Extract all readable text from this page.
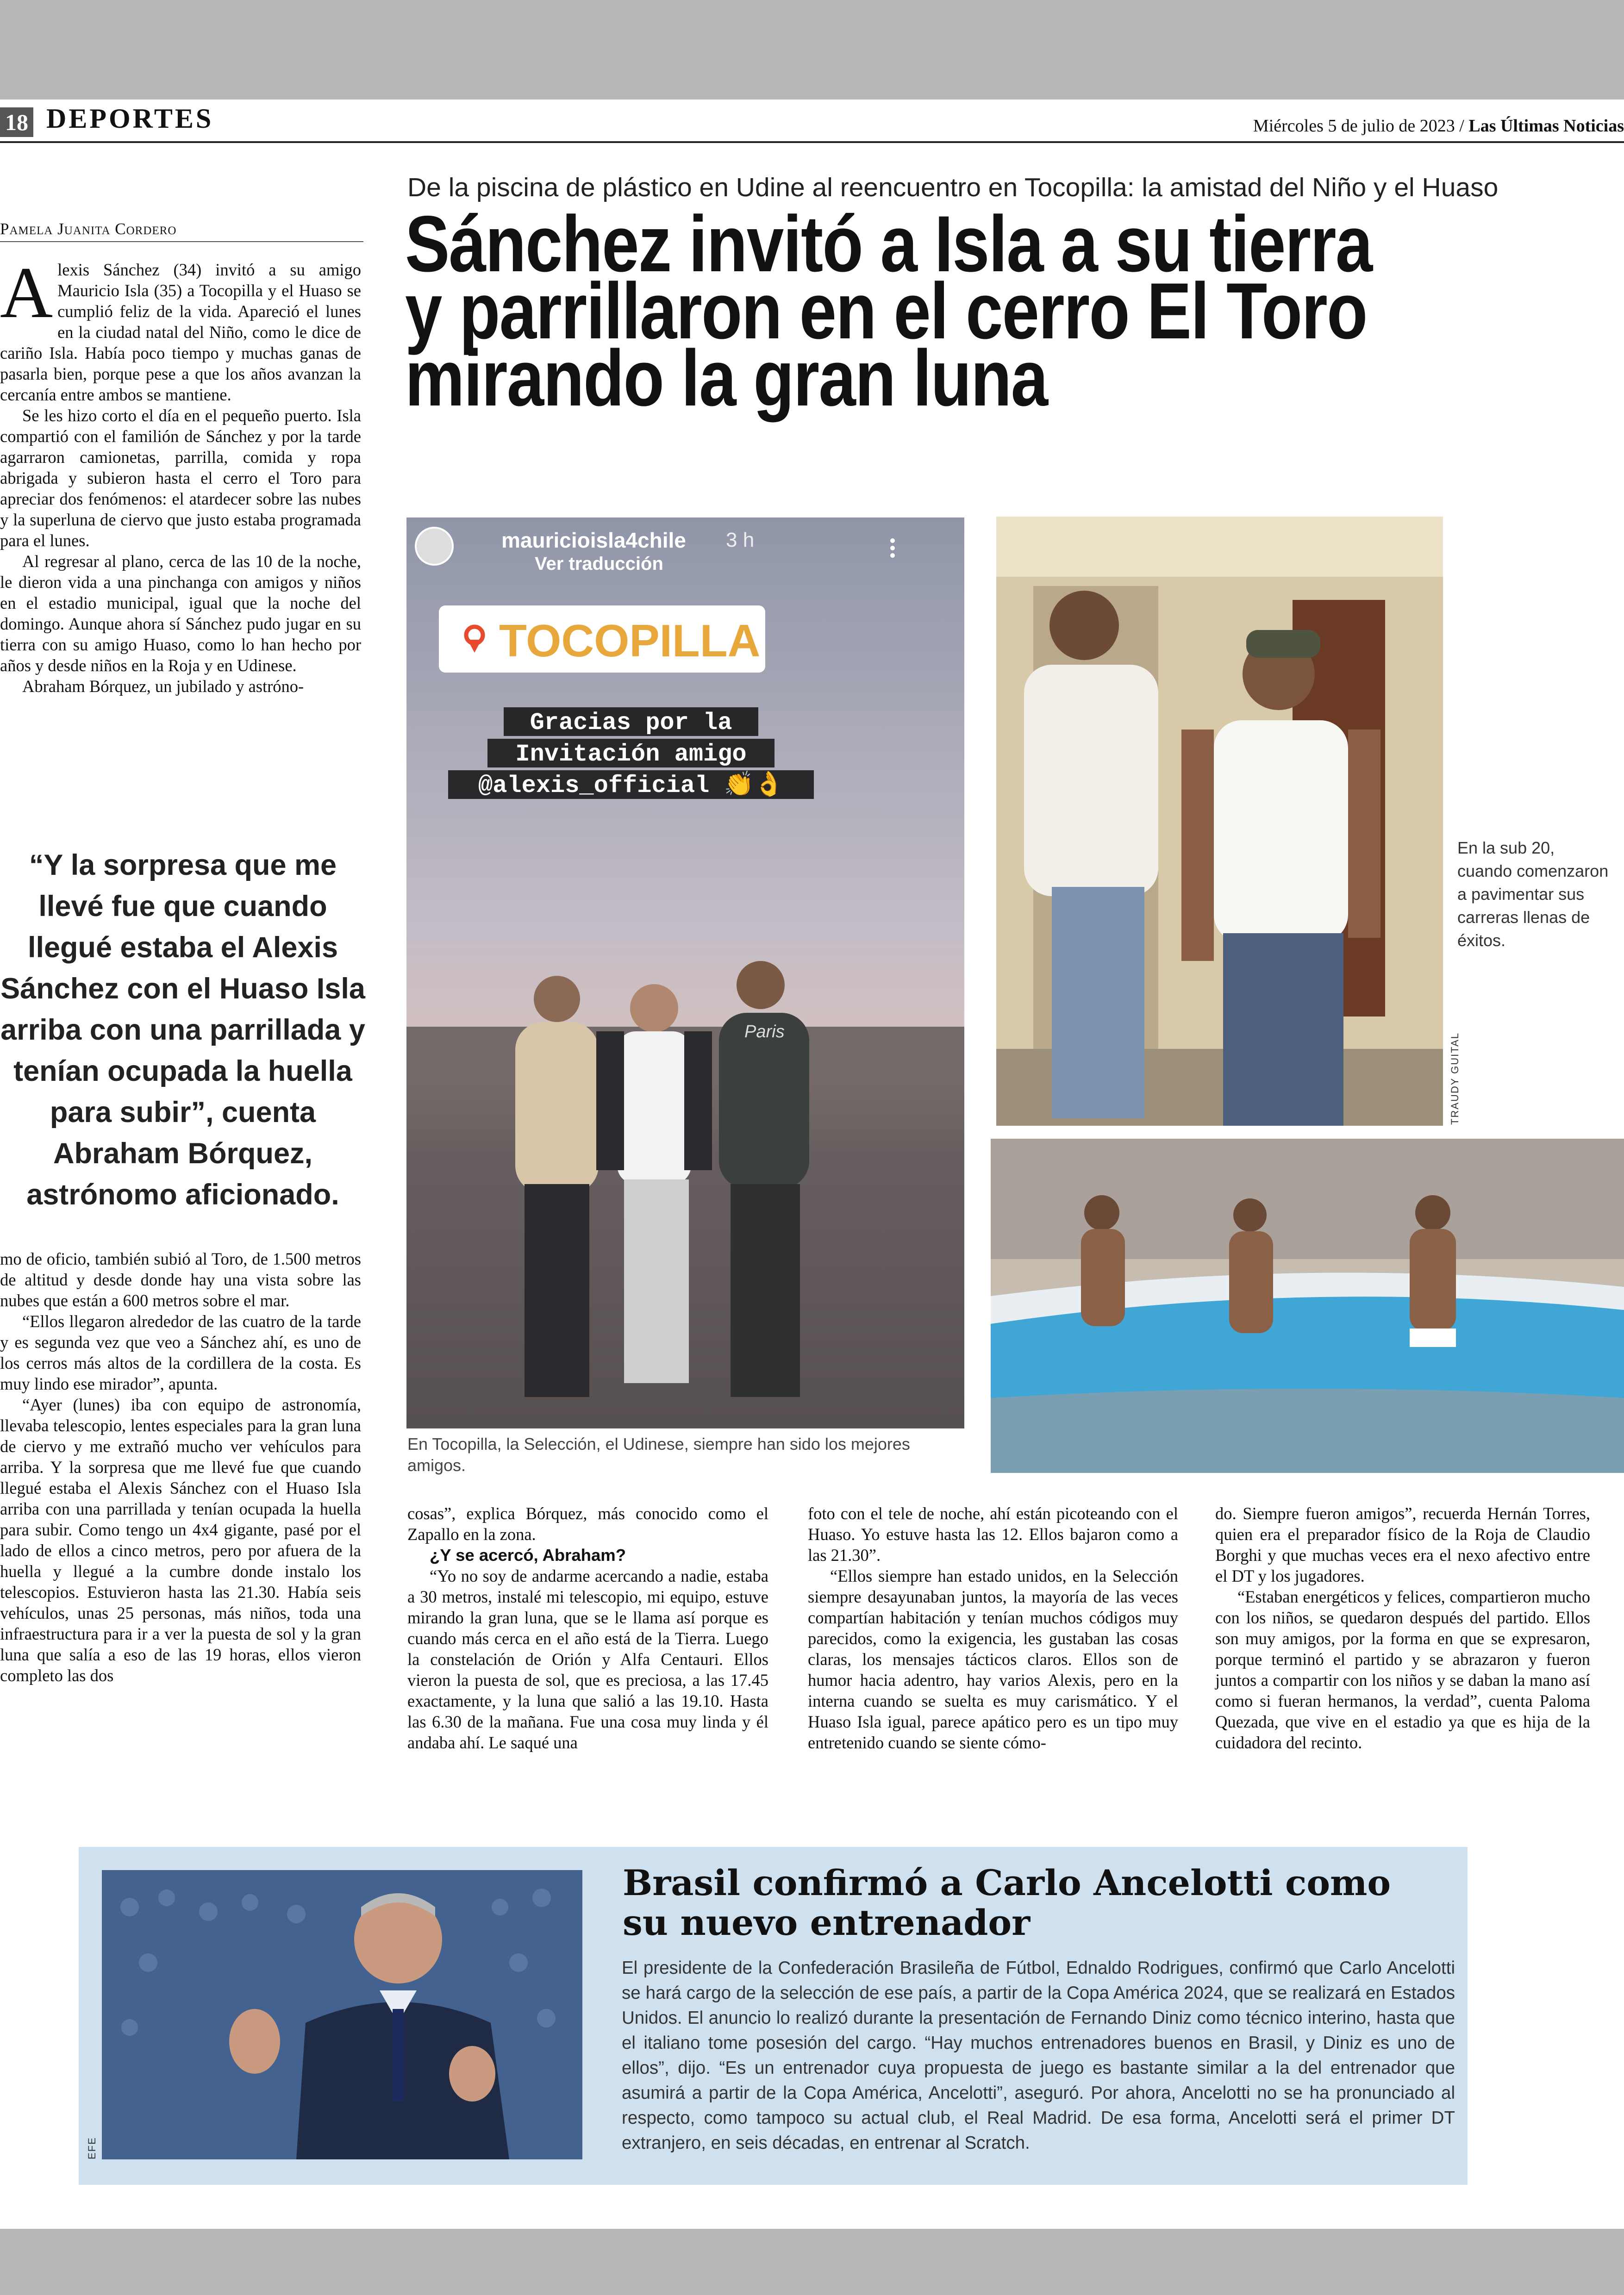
18 DEPORTES	Miércoles 5 de julio de 2023 / Las Últimas Noticias
Pamela Juanita Cordero
De la piscina de plástico en Udine al reencuentro en Tocopilla: la amistad del Niño y el Huaso
Sánchez invitó a Isla a su tierra y parrillaron en el cerro El Toro mirando la gran luna

Alexis Sánchez (34) invitó a su amigo Mauricio Isla (35) a Tocopilla y el Huaso se cumplió feliz de la vida. Apareció el lunes en la ciudad natal del Niño, como le dice de cariño Isla. Había poco tiempo y muchas ganas de pasarla bien, porque pese a que los años avanzan la cercanía entre ambos se mantiene.

Se les hizo corto el día en el pequeño puerto. Isla compartió con el familión de Sánchez y por la tarde agarraron camionetas, parrilla, comida y ropa abrigada y subieron hasta el cerro el Toro para apreciar dos fenómenos: el atardecer sobre las nubes y la superluna de ciervo que justo estaba programada para el lunes.

Al regresar al plano, cerca de las 10 de la noche, le dieron vida a una pinchanga con amigos y niños en el estadio municipal, igual que la noche del domingo. Aunque ahora sí Sánchez pudo jugar en su tierra con su amigo Huaso, como lo han hecho por años y desde niños en la Roja y en Udinese.

Abraham Bórquez, un jubilado y astróno-

“Y la sorpresa que me llevé fue que cuando llegué estaba el Alexis Sánchez con el Huaso Isla arriba con una parrillada y tenían ocupada la huella para subir”, cuenta Abraham Bórquez, astrónomo aficionado.

mo de oficio, también subió al Toro, de 1.500 metros de altitud y desde donde hay una vista sobre las nubes que están a 600 metros sobre el mar.

“Ellos llegaron alrededor de las cuatro de la tarde y es segunda vez que veo a Sánchez ahí, es uno de los cerros más altos de la cordillera de la costa. Es muy lindo ese mirador”, apunta.

“Ayer (lunes) iba con equipo de astronomía, llevaba telescopio, lentes especiales para la gran luna de ciervo y me extrañó mucho ver vehículos para arriba. Y la sorpresa que me llevé fue que cuando llegué estaba el Alexis Sánchez con el Huaso Isla arriba con una parrillada y tenían ocupada la huella para subir. Como tengo un 4x4 gigante, pasé por el lado de ellos a cinco metros, pero por afuera de la huella y llegué a la cumbre donde instalo los telescopios. Estuvieron hasta las 21.30. Había seis vehículos, unas 25 personas, más niños, toda una infraestructura para ir a ver la puesta de sol y la gran luna que salía a eso de las 19 horas, ellos vieron completo las dos

mauricioisla4chile 3 h
Ver traducción
TOCOPILLA
Gracias por la
Invitación amigo
@alexis_official 👏👌
Paris
En Tocopilla, la Selección, el Udinese, siempre han sido los mejores amigos.
TRAUDY GUITAL
En la sub 20, cuando comenzaron a pavimentar sus carreras llenas de éxitos.

cosas”, explica Bórquez, más conocido como el Zapallo en la zona.

¿Y se acercó, Abraham?

“Yo no soy de andarme acercando a nadie, estaba a 30 metros, instalé mi telescopio, mi equipo, estuve mirando la gran luna, que se le llama así porque es cuando más cerca en el año está de la Tierra. Luego la constelación de Orión y Alfa Centauri. Ellos vieron la puesta de sol, que es preciosa, a las 17.45 exactamente, y la luna que salió a las 19.10. Hasta las 6.30 de la mañana. Fue una cosa muy linda y él andaba ahí. Le saqué una

foto con el tele de noche, ahí están picoteando con el Huaso. Yo estuve hasta las 12. Ellos bajaron como a las 21.30”.

“Ellos siempre han estado unidos, en la Selección siempre desayunaban juntos, la mayoría de las veces compartían habitación y tenían muchos códigos muy parecidos, como la exigencia, les gustaban las cosas claras, los mensajes tácticos claros. Ellos son de humor hacia adentro, hay varios Alexis, pero en la interna cuando se suelta es muy carismático. Y el Huaso Isla igual, parece apático pero es un tipo muy entretenido cuando se siente cómo-

do. Siempre fueron amigos”, recuerda Hernán Torres, quien era el preparador físico de la Roja de Claudio Borghi y que muchas veces era el nexo afectivo entre el DT y los jugadores.

“Estaban energéticos y felices, compartieron mucho con los niños, se quedaron después del partido. Ellos son muy amigos, por la forma en que se expresaron, porque terminó el partido y se abrazaron y fueron juntos a compartir con los niños y se daban la mano así como si fueran hermanos, la verdad”, cuenta Paloma Quezada, que vive en el estadio ya que es hija de la cuidadora del recinto.

EFE
Brasil confirmó a Carlo Ancelotti como su nuevo entrenador

El presidente de la Confederación Brasileña de Fútbol, Ednaldo Rodrigues, confirmó que Carlo Ancelotti se hará cargo de la selección de ese país, a partir de la Copa América 2024, que se realizará en Estados Unidos. El anuncio lo realizó durante la presentación de Fernando Diniz como técnico interino, hasta que el italiano tome posesión del cargo. “Hay muchos entrenadores buenos en Brasil, y Diniz es uno de ellos”, dijo. “Es un entrenador cuya propuesta de juego es bastante similar a la del entrenador que asumirá a partir de la Copa América, Ancelotti”, aseguró. Por ahora, Ancelotti no se ha pronunciado al respecto, como tampoco su actual club, el Real Madrid. De esa forma, Ancelotti será el primer DT extranjero, en seis décadas, en entrenar al Scratch.
